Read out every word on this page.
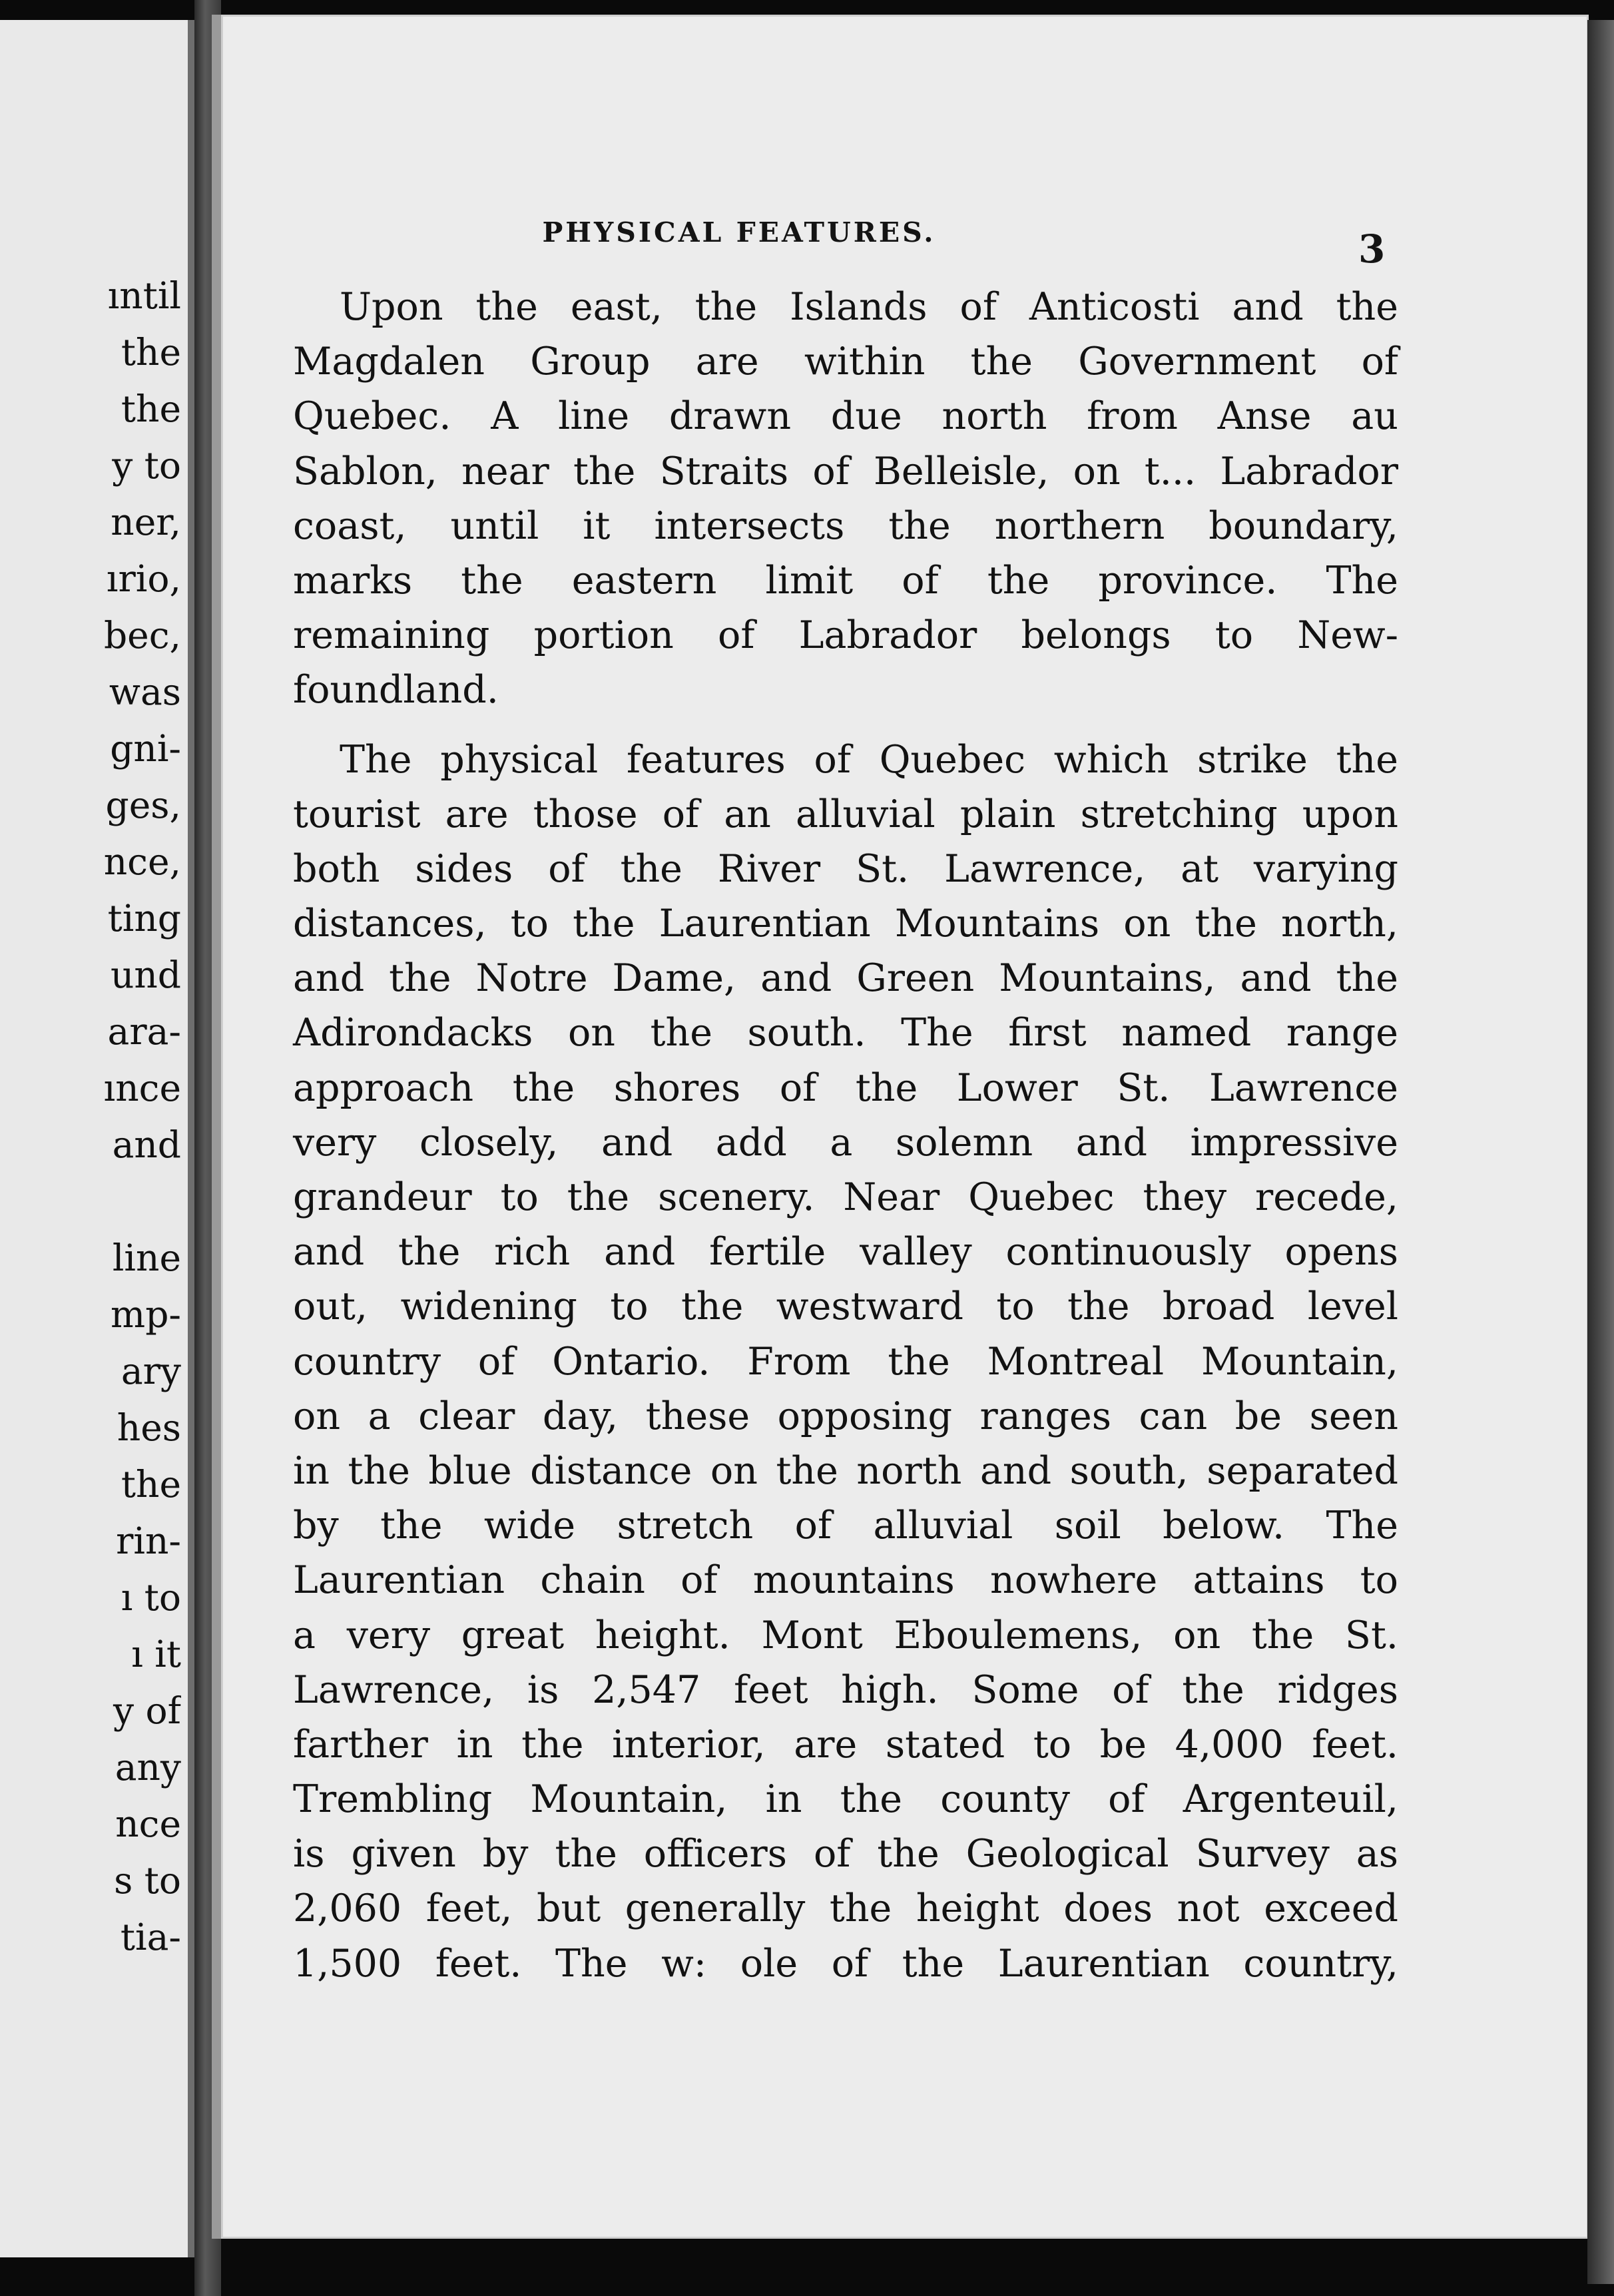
ıntil
the
the
y to
ner,
ırio,
bec,
was
gni-
ges,
nce,
ting
und
ara-
ınce
and
line
mp-
ary
hes
the
rin-
ı to
ı it
y of
any
nce
s to
tia-
PHYSICAL FEATURES.	3
Upon the east, the Islands of Anticosti and the
Magdalen Group are within the Government of
Quebec. A line drawn due north from Anse au
Sablon, near the Straits of Belleisle, on t... Labrador
coast, until it intersects the northern boundary,
marks the eastern limit of the province. The
remaining portion of Labrador belongs to New-
foundland.
The physical features of Quebec which strike the
tourist are those of an alluvial plain stretching upon
both sides of the River St. Lawrence, at varying
distances, to the Laurentian Mountains on the north,
and the Notre Dame, and Green Mountains, and the
Adirondacks on the south. The first named range
approach the shores of the Lower St. Lawrence
very closely, and add a solemn and impressive
grandeur to the scenery. Near Quebec they recede,
and the rich and fertile valley continuously opens
out, widening to the westward to the broad level
country of Ontario. From the Montreal Mountain,
on a clear day, these opposing ranges can be seen
in the blue distance on the north and south, separated
by the wide stretch of alluvial soil below. The
Laurentian chain of mountains nowhere attains to
a very great height. Mont Eboulemens, on the St.
Lawrence, is 2,547 feet high. Some of the ridges
farther in the interior, are stated to be 4,000 feet.
Trembling Mountain, in the county of Argenteuil,
is given by the officers of the Geological Survey as
2,060 feet, but generally the height does not exceed
1,500 feet. The w: ole of the Laurentian country,
